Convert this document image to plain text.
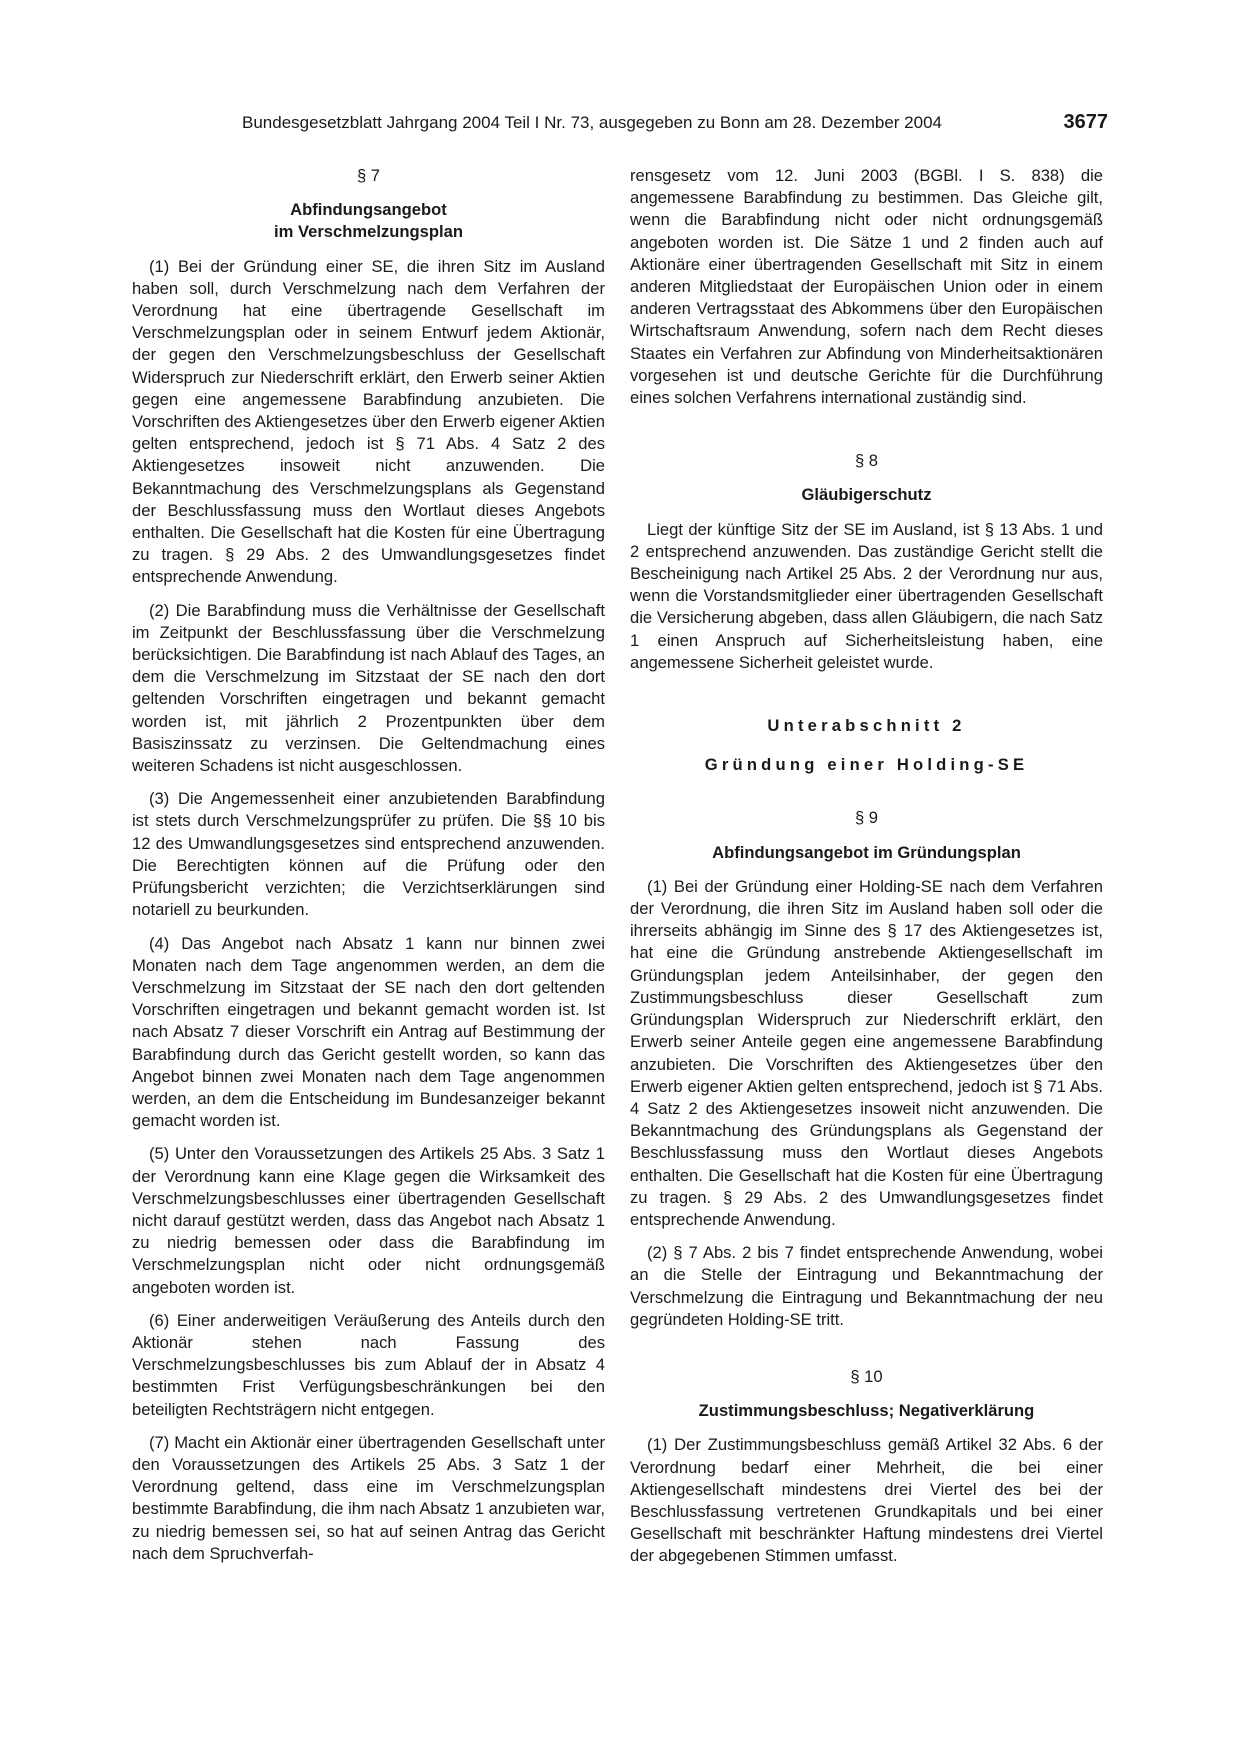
Bundesgesetzblatt Jahrgang 2004 Teil I Nr. 73, ausgegeben zu Bonn am 28. Dezember 2004	3677
§ 7
Abfindungsangebot
im Verschmelzungsplan

(1) Bei der Gründung einer SE, die ihren Sitz im Ausland haben soll, durch Verschmelzung nach dem Verfahren der Verordnung hat eine übertragende Gesellschaft im Verschmelzungsplan oder in seinem Entwurf jedem Aktionär, der gegen den Verschmelzungsbeschluss der Gesellschaft Widerspruch zur Niederschrift erklärt, den Erwerb seiner Aktien gegen eine angemessene Barabfindung anzubieten. Die Vorschriften des Aktiengesetzes über den Erwerb eigener Aktien gelten entsprechend, jedoch ist § 71 Abs. 4 Satz 2 des Aktiengesetzes insoweit nicht anzuwenden. Die Bekanntmachung des Verschmelzungsplans als Gegenstand der Beschlussfassung muss den Wortlaut dieses Angebots enthalten. Die Gesellschaft hat die Kosten für eine Übertragung zu tragen. § 29 Abs. 2 des Umwandlungsgesetzes findet entsprechende Anwendung.

(2) Die Barabfindung muss die Verhältnisse der Gesellschaft im Zeitpunkt der Beschlussfassung über die Verschmelzung berücksichtigen. Die Barabfindung ist nach Ablauf des Tages, an dem die Verschmelzung im Sitzstaat der SE nach den dort geltenden Vorschriften eingetragen und bekannt gemacht worden ist, mit jährlich 2 Prozentpunkten über dem Basiszinssatz zu verzinsen. Die Geltendmachung eines weiteren Schadens ist nicht ausgeschlossen.

(3) Die Angemessenheit einer anzubietenden Barabfindung ist stets durch Verschmelzungsprüfer zu prüfen. Die §§ 10 bis 12 des Umwandlungsgesetzes sind entsprechend anzuwenden. Die Berechtigten können auf die Prüfung oder den Prüfungsbericht verzichten; die Verzichtserklärungen sind notariell zu beurkunden.

(4) Das Angebot nach Absatz 1 kann nur binnen zwei Monaten nach dem Tage angenommen werden, an dem die Verschmelzung im Sitzstaat der SE nach den dort geltenden Vorschriften eingetragen und bekannt gemacht worden ist. Ist nach Absatz 7 dieser Vorschrift ein Antrag auf Bestimmung der Barabfindung durch das Gericht gestellt worden, so kann das Angebot binnen zwei Monaten nach dem Tage angenommen werden, an dem die Entscheidung im Bundesanzeiger bekannt gemacht worden ist.

(5) Unter den Voraussetzungen des Artikels 25 Abs. 3 Satz 1 der Verordnung kann eine Klage gegen die Wirksamkeit des Verschmelzungsbeschlusses einer übertragenden Gesellschaft nicht darauf gestützt werden, dass das Angebot nach Absatz 1 zu niedrig bemessen oder dass die Barabfindung im Verschmelzungsplan nicht oder nicht ordnungsgemäß angeboten worden ist.

(6) Einer anderweitigen Veräußerung des Anteils durch den Aktionär stehen nach Fassung des Verschmelzungsbeschlusses bis zum Ablauf der in Absatz 4 bestimmten Frist Verfügungsbeschränkungen bei den beteiligten Rechtsträgern nicht entgegen.

(7) Macht ein Aktionär einer übertragenden Gesellschaft unter den Voraussetzungen des Artikels 25 Abs. 3 Satz 1 der Verordnung geltend, dass eine im Verschmelzungsplan bestimmte Barabfindung, die ihm nach Absatz 1 anzubieten war, zu niedrig bemessen sei, so hat auf seinen Antrag das Gericht nach dem Spruchverfah-

rensgesetz vom 12. Juni 2003 (BGBl. I S. 838) die angemessene Barabfindung zu bestimmen. Das Gleiche gilt, wenn die Barabfindung nicht oder nicht ordnungsgemäß angeboten worden ist. Die Sätze 1 und 2 finden auch auf Aktionäre einer übertragenden Gesellschaft mit Sitz in einem anderen Mitgliedstaat der Europäischen Union oder in einem anderen Vertragsstaat des Abkommens über den Europäischen Wirtschaftsraum Anwendung, sofern nach dem Recht dieses Staates ein Verfahren zur Abfindung von Minderheitsaktionären vorgesehen ist und deutsche Gerichte für die Durchführung eines solchen Verfahrens international zuständig sind.

§ 8
Gläubigerschutz

Liegt der künftige Sitz der SE im Ausland, ist § 13 Abs. 1 und 2 entsprechend anzuwenden. Das zuständige Gericht stellt die Bescheinigung nach Artikel 25 Abs. 2 der Verordnung nur aus, wenn die Vorstandsmitglieder einer übertragenden Gesellschaft die Versicherung abgeben, dass allen Gläubigern, die nach Satz 1 einen Anspruch auf Sicherheitsleistung haben, eine angemessene Sicherheit geleistet wurde.

Unterabschnitt 2
Gründung einer Holding-SE
§ 9
Abfindungsangebot im Gründungsplan

(1) Bei der Gründung einer Holding-SE nach dem Verfahren der Verordnung, die ihren Sitz im Ausland haben soll oder die ihrerseits abhängig im Sinne des § 17 des Aktiengesetzes ist, hat eine die Gründung anstrebende Aktiengesellschaft im Gründungsplan jedem Anteilsinhaber, der gegen den Zustimmungsbeschluss dieser Gesellschaft zum Gründungsplan Widerspruch zur Niederschrift erklärt, den Erwerb seiner Anteile gegen eine angemessene Barabfindung anzubieten. Die Vorschriften des Aktiengesetzes über den Erwerb eigener Aktien gelten entsprechend, jedoch ist § 71 Abs. 4 Satz 2 des Aktiengesetzes insoweit nicht anzuwenden. Die Bekanntmachung des Gründungsplans als Gegenstand der Beschlussfassung muss den Wortlaut dieses Angebots enthalten. Die Gesellschaft hat die Kosten für eine Übertragung zu tragen. § 29 Abs. 2 des Umwandlungsgesetzes findet entsprechende Anwendung.

(2) § 7 Abs. 2 bis 7 findet entsprechende Anwendung, wobei an die Stelle der Eintragung und Bekanntmachung der Verschmelzung die Eintragung und Bekanntmachung der neu gegründeten Holding-SE tritt.

§ 10
Zustimmungsbeschluss; Negativerklärung

(1) Der Zustimmungsbeschluss gemäß Artikel 32 Abs. 6 der Verordnung bedarf einer Mehrheit, die bei einer Aktiengesellschaft mindestens drei Viertel des bei der Beschlussfassung vertretenen Grundkapitals und bei einer Gesellschaft mit beschränkter Haftung mindestens drei Viertel der abgegebenen Stimmen umfasst.
